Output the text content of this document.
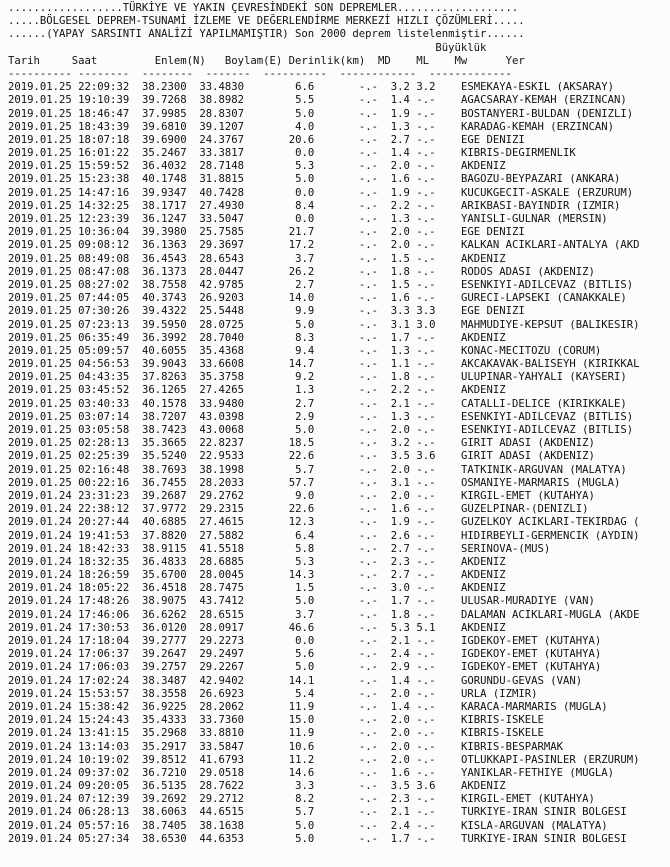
..................TÜRKİYE VE YAKIN ÇEVRESİNDEKİ SON DEPREMLER...................
.....BÖLGESEL DEPREM-TSUNAMİ İZLEME VE DEĞERLENDİRME MERKEZİ HIZLI ÇÖZÜMLERİ.....
......(YAPAY SARSINTI ANALİZİ YAPILMAMIŞTIR) Son 2000 deprem listelenmiştir......
Büyüklük
Tarih	Saat	Enlem(N) Boylam(E) Derinlik(km) MD ML Mw	Yer
---------- --------  --------  -------  ----------  ------------  -------------
2019.01.25 22:09:32 38.2300 33.4830	6.6	-.- 3.2 3.2 ESMEKAYA-ESKIL (AKSARAY)
2019.01.25 19:10:39 39.7268 38.8982	5.5	-.- 1.4 -.- AGACSARAY-KEMAH (ERZINCAN)
2019.01.25 18:46:47 37.9985 28.8307	5.0	-.- 1.9 -.- BOSTANYERI-BULDAN (DENIZLI)
2019.01.25 18:43:39 39.6810 39.1207	4.0	-.- 1.3 -.- KARADAG-KEMAH (ERZINCAN)
2019.01.25 18:07:18 39.6900 24.3767	20.6	-.- 2.7 -.- EGE DENIZI
2019.01.25 16:01:22 35.2467 33.3817	0.0	-.- 1.4 -.- KIBRIS-DEGIRMENLIK
2019.01.25 15:59:52 36.4032 28.7148	5.3	-.- 2.0 -.- AKDENIZ
2019.01.25 15:23:38 40.1748 31.8815	5.0	-.- 1.6 -.- BAGOZU-BEYPAZARI (ANKARA)
2019.01.25 14:47:16 39.9347 40.7428	0.0	-.- 1.9 -.- KUCUKGECIT-ASKALE (ERZURUM)
2019.01.25 14:32:25 38.1717 27.4930	8.4	-.- 2.2 -.- ARIKBASI-BAYINDIR (IZMIR)
2019.01.25 12:23:39 36.1247 33.5047	0.0	-.- 1.3 -.- YANISLI-GULNAR (MERSIN)
2019.01.25 10:36:04 39.3980 25.7585	21.7	-.- 2.0 -.- EGE DENIZI
2019.01.25 09:08:12 36.1363 29.3697	17.2	-.- 2.0 -.- KALKAN ACIKLARI-ANTALYA (AKD
2019.01.25 08:49:08 36.4543 28.6543	3.7	-.- 1.5 -.- AKDENIZ
2019.01.25 08:47:08 36.1373 28.0447	26.2	-.- 1.8 -.- RODOS ADASI (AKDENIZ)
2019.01.25 08:27:02 38.7558 42.9785	2.7	-.- 1.5 -.- ESENKIYI-ADILCEVAZ (BITLIS)
2019.01.25 07:44:05 40.3743 26.9203	14.0	-.- 1.6 -.- GURECI-LAPSEKI (CANAKKALE)
2019.01.25 07:30:26 39.4322 25.5448	9.9	-.- 3.3 3.3 EGE DENIZI
2019.01.25 07:23:13 39.5950 28.0725	5.0	-.- 3.1 3.0 MAHMUDIYE-KEPSUT (BALIKESIR)
2019.01.25 06:35:49 36.3992 28.7040	8.3	-.- 1.7 -.- AKDENIZ
2019.01.25 05:09:57 40.6055 35.4368	9.4	-.- 1.3 -.- KONAC-MECITOZU (CORUM)
2019.01.25 04:56:53 39.9043 33.6608	14.7	-.- 1.1 -.- AKCAKAVAK-BALISEYH (KIRIKKAL
2019.01.25 04:43:35 37.8263 35.3758	9.2	-.- 1.8 -.- ULUPINAR-YAHYALI (KAYSERI)
2019.01.25 03:45:52 36.1265 27.4265	1.3	-.- 2.2 -.- AKDENIZ
2019.01.25 03:40:33 40.1578 33.9480	2.7	-.- 2.1 -.- CATALLI-DELICE (KIRIKKALE)
2019.01.25 03:07:14 38.7207 43.0398	2.9	-.- 1.3 -.- ESENKIYI-ADILCEVAZ (BITLIS)
2019.01.25 03:05:58 38.7423 43.0068	5.0	-.- 2.0 -.- ESENKIYI-ADILCEVAZ (BITLIS)
2019.01.25 02:28:13 35.3665 22.8237	18.5	-.- 3.2 -.- GIRIT ADASI (AKDENIZ)
2019.01.25 02:25:39 35.5240 22.9533	22.6	-.- 3.5 3.6 GIRIT ADASI (AKDENIZ)
2019.01.25 02:16:48 38.7693 38.1998	5.7	-.- 2.0 -.- TATKINIK-ARGUVAN (MALATYA)
2019.01.25 00:22:16 36.7455 28.2033	57.7	-.- 3.1 -.- OSMANIYE-MARMARIS (MUGLA)
2019.01.24 23:31:23 39.2687 29.2762	9.0	-.- 2.0 -.- KIRGIL-EMET (KUTAHYA)
2019.01.24 22:38:12 37.9772 29.2315	22.6	-.- 1.6 -.- GUZELPINAR-(DENIZLI)
2019.01.24 20:27:44 40.6885 27.4615	12.3	-.- 1.9 -.- GUZELKOY ACIKLARI-TEKIRDAG (
2019.01.24 19:41:53 37.8820 27.5882	6.4	-.- 2.6 -.- HIDIRBEYLI-GERMENCIK (AYDIN)
2019.01.24 18:42:33 38.9115 41.5518	5.8	-.- 2.7 -.- SERINOVA-(MUS)
2019.01.24 18:32:35 36.4833 28.6885	5.3	-.- 2.3 -.- AKDENIZ
2019.01.24 18:26:59 35.6700 28.0045	14.3	-.- 2.7 -.- AKDENIZ
2019.01.24 18:05:22 36.4518 28.7475	1.5	-.- 3.0 -.- AKDENIZ
2019.01.24 17:48:26 38.9075 43.7412	5.0	-.- 1.7 -.- ULUSAR-MURADIYE (VAN)
2019.01.24 17:46:06 36.6262 28.6515	3.7	-.- 1.8 -.- DALAMAN ACIKLARI-MUGLA (AKDE
2019.01.24 17:30:53 36.0120 28.0917	46.6	-.- 5.3 5.1 AKDENIZ
2019.01.24 17:18:04 39.2777 29.2273	0.0	-.- 2.1 -.- IGDEKOY-EMET (KUTAHYA)
2019.01.24 17:06:37 39.2647 29.2497	5.6	-.- 2.4 -.- IGDEKOY-EMET (KUTAHYA)
2019.01.24 17:06:03 39.2757 29.2267	5.0	-.- 2.9 -.- IGDEKOY-EMET (KUTAHYA)
2019.01.24 17:02:24 38.3487 42.9402	14.1	-.- 1.4 -.- GORUNDU-GEVAS (VAN)
2019.01.24 15:53:57 38.3558 26.6923	5.4	-.- 2.0 -.- URLA (IZMIR)
2019.01.24 15:38:42 36.9225 28.2062	11.9	-.- 1.4 -.- KARACA-MARMARIS (MUGLA)
2019.01.24 15:24:43 35.4333 33.7360	15.0	-.- 2.0 -.- KIBRIS-ISKELE
2019.01.24 13:41:15 35.2968 33.8810	11.9	-.- 2.0 -.- KIBRIS-ISKELE
2019.01.24 13:14:03 35.2917 33.5847	10.6	-.- 2.0 -.- KIBRIS-BESPARMAK
2019.01.24 10:19:02 39.8512 41.6793	11.2	-.- 2.0 -.- OTLUKKAPI-PASINLER (ERZURUM)
2019.01.24 09:37:02 36.7210 29.0518	14.6	-.- 1.6 -.- YANIKLAR-FETHIYE (MUGLA)
2019.01.24 09:20:05 36.5135 28.7622	3.3	-.- 3.5 3.6 AKDENIZ
2019.01.24 07:12:39 39.2692 29.2712	8.2	-.- 2.3 -.- KIRGIL-EMET (KUTAHYA)
2019.01.24 06:28:13 38.6063 44.6515	5.7	-.- 2.1 -.- TURKIYE-IRAN SINIR BOLGESI
2019.01.24 05:57:16 38.7405 38.1638	5.0	-.- 2.4 -.- KISLA-ARGUVAN (MALATYA)
2019.01.24 05:27:34 38.6530 44.6353	5.0	-.- 1.7 -.- TURKIYE-IRAN SINIR BOLGESI
